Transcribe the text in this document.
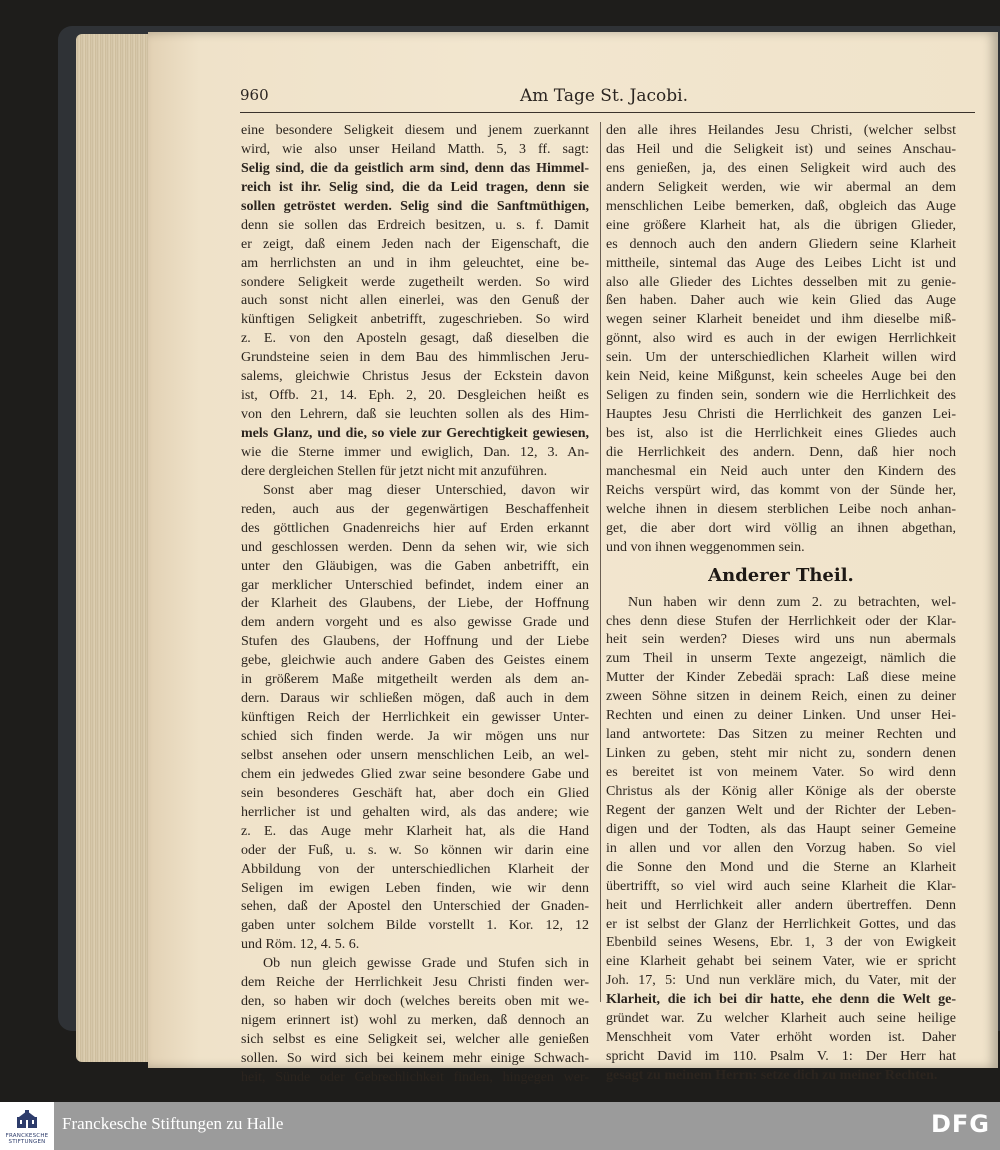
960	Am Tage St. Jacobi.
eine besondere Seligkeit diesem und jenem zuerkannt
wird, wie also unser Heiland Matth. 5, 3 ff. sagt:
Selig sind, die da geistlich arm sind, denn das Himmel-
reich ist ihr. Selig sind, die da Leid tragen, denn sie
sollen getröstet werden. Selig sind die Sanftmüthigen,
denn sie sollen das Erdreich besitzen, u. s. f. Damit
er zeigt, daß einem Jeden nach der Eigenschaft, die
am herrlichsten an und in ihm geleuchtet, eine be-
sondere Seligkeit werde zugetheilt werden. So wird
auch sonst nicht allen einerlei, was den Genuß der
künftigen Seligkeit anbetrifft, zugeschrieben. So wird
z. E. von den Aposteln gesagt, daß dieselben die
Grundsteine seien in dem Bau des himmlischen Jeru-
salems, gleichwie Christus Jesus der Eckstein davon
ist, Offb. 21, 14. Eph. 2, 20. Desgleichen heißt es
von den Lehrern, daß sie leuchten sollen als des Him-
mels Glanz, und die, so viele zur Gerechtigkeit gewiesen,
wie die Sterne immer und ewiglich, Dan. 12, 3. An-
dere dergleichen Stellen für jetzt nicht mit anzuführen.
Sonst aber mag dieser Unterschied, davon wir
reden, auch aus der gegenwärtigen Beschaffenheit
des göttlichen Gnadenreichs hier auf Erden erkannt
und geschlossen werden. Denn da sehen wir, wie sich
unter den Gläubigen, was die Gaben anbetrifft, ein
gar merklicher Unterschied befindet, indem einer an
der Klarheit des Glaubens, der Liebe, der Hoffnung
dem andern vorgeht und es also gewisse Grade und
Stufen des Glaubens, der Hoffnung und der Liebe
gebe, gleichwie auch andere Gaben des Geistes einem
in größerem Maße mitgetheilt werden als dem an-
dern. Daraus wir schließen mögen, daß auch in dem
künftigen Reich der Herrlichkeit ein gewisser Unter-
schied sich finden werde. Ja wir mögen uns nur
selbst ansehen oder unsern menschlichen Leib, an wel-
chem ein jedwedes Glied zwar seine besondere Gabe und
sein besonderes Geschäft hat, aber doch ein Glied
herrlicher ist und gehalten wird, als das andere; wie
z. E. das Auge mehr Klarheit hat, als die Hand
oder der Fuß, u. s. w. So können wir darin eine
Abbildung von der unterschiedlichen Klarheit der
Seligen im ewigen Leben finden, wie wir denn
sehen, daß der Apostel den Unterschied der Gnaden-
gaben unter solchem Bilde vorstellt 1. Kor. 12, 12
und Röm. 12, 4. 5. 6.
Ob nun gleich gewisse Grade und Stufen sich in
dem Reiche der Herrlichkeit Jesu Christi finden wer-
den, so haben wir doch (welches bereits oben mit we-
nigem erinnert ist) wohl zu merken, daß dennoch an
sich selbst es eine Seligkeit sei, welcher alle genießen
sollen. So wird sich bei keinem mehr einige Schwach-
heit, Sünde oder Gebrechlichkeit finden, hingegen wer-
den alle ihres Heilandes Jesu Christi, (welcher selbst
das Heil und die Seligkeit ist) und seines Anschau-
ens genießen, ja, des einen Seligkeit wird auch des
andern Seligkeit werden, wie wir abermal an dem
menschlichen Leibe bemerken, daß, obgleich das Auge
eine größere Klarheit hat, als die übrigen Glieder,
es dennoch auch den andern Gliedern seine Klarheit
mittheile, sintemal das Auge des Leibes Licht ist und
also alle Glieder des Lichtes desselben mit zu genie-
ßen haben. Daher auch wie kein Glied das Auge
wegen seiner Klarheit beneidet und ihm dieselbe miß-
gönnt, also wird es auch in der ewigen Herrlichkeit
sein. Um der unterschiedlichen Klarheit willen wird
kein Neid, keine Mißgunst, kein scheeles Auge bei den
Seligen zu finden sein, sondern wie die Herrlichkeit des
Hauptes Jesu Christi die Herrlichkeit des ganzen Lei-
bes ist, also ist die Herrlichkeit eines Gliedes auch
die Herrlichkeit des andern. Denn, daß hier noch
manchesmal ein Neid auch unter den Kindern des
Reichs verspürt wird, das kommt von der Sünde her,
welche ihnen in diesem sterblichen Leibe noch anhan-
get, die aber dort wird völlig an ihnen abgethan,
und von ihnen weggenommen sein.
Anderer Theil.
Nun haben wir denn zum 2. zu betrachten, wel-
ches denn diese Stufen der Herrlichkeit oder der Klar-
heit sein werden? Dieses wird uns nun abermals
zum Theil in unserm Texte angezeigt, nämlich die
Mutter der Kinder Zebedäi sprach: Laß diese meine
zween Söhne sitzen in deinem Reich, einen zu deiner
Rechten und einen zu deiner Linken. Und unser Hei-
land antwortete: Das Sitzen zu meiner Rechten und
Linken zu geben, steht mir nicht zu, sondern denen
es bereitet ist von meinem Vater. So wird denn
Christus als der König aller Könige als der oberste
Regent der ganzen Welt und der Richter der Leben-
digen und der Todten, als das Haupt seiner Gemeine
in allen und vor allen den Vorzug haben. So viel
die Sonne den Mond und die Sterne an Klarheit
übertrifft, so viel wird auch seine Klarheit die Klar-
heit und Herrlichkeit aller andern übertreffen. Denn
er ist selbst der Glanz der Herrlichkeit Gottes, und das
Ebenbild seines Wesens, Ebr. 1, 3 der von Ewigkeit
eine Klarheit gehabt bei seinem Vater, wie er spricht
Joh. 17, 5: Und nun verkläre mich, du Vater, mit der
Klarheit, die ich bei dir hatte, ehe denn die Welt ge-
gründet war. Zu welcher Klarheit auch seine heilige
Menschheit vom Vater erhöht worden ist. Daher
spricht David im 110. Psalm V. 1: Der Herr hat
gesagt zu meinem Herrn: setze dich zu meiner Rechten.
FRANCKESCHE
STIFTUNGEN
Franckesche Stiftungen zu Halle	DFG
